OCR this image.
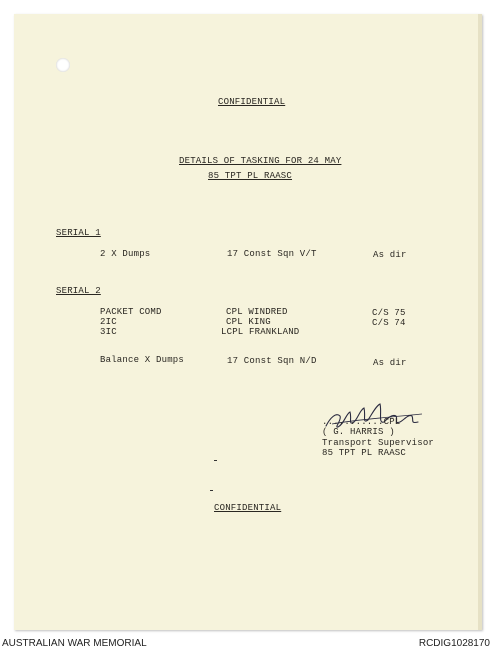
CONFIDENTIAL
DETAILS OF TASKING FOR 24 MAY
85 TPT PL RAASC
SERIAL 1
2 X Dumps	17 Const Sqn V/T	As dir
SERIAL 2
PACKET COMD	CPL WINDRED	C/S 75
2IC	CPL KING	C/S 74
3IC	LCPL FRANKLAND
Balance X Dumps	17 Const Sqn N/D	As dir
...........CPL
( G. HARRIS )
Transport Supervisor
85 TPT PL RAASC
CONFIDENTIAL
AUSTRALIAN WAR MEMORIAL	RCDIG1028170
